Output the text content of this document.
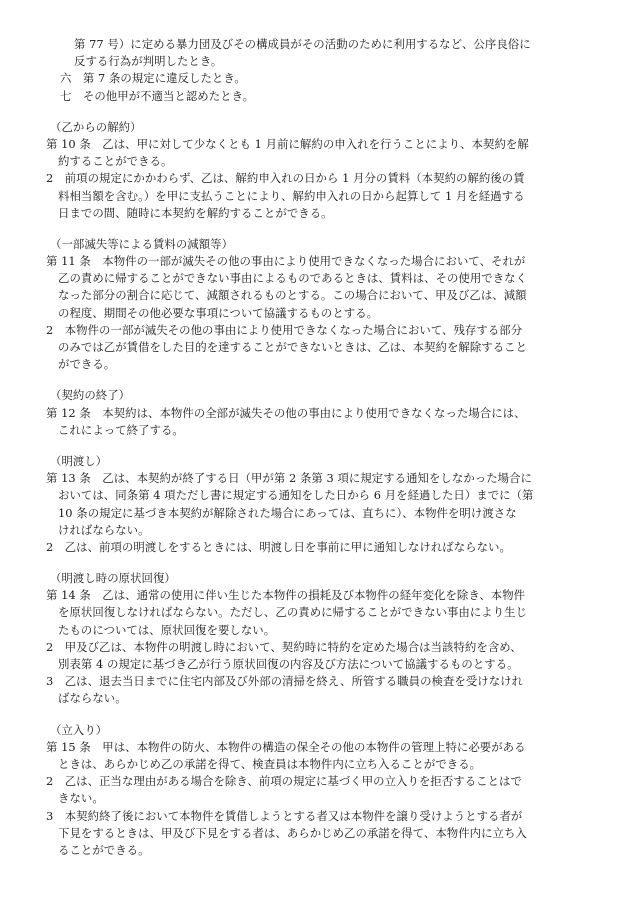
第 77 号）に定める暴力団及びその構成員がその活動のために利用するなど、公序良俗に
反する行為が判明したとき。
六　第 7 条の規定に違反したとき。
七　その他甲が不適当と認めたとき。
（乙からの解約）
第 10 条　乙は、甲に対して少なくとも 1 月前に解約の申入れを行うことにより、本契約を解
約することができる。
2　前項の規定にかかわらず、乙は、解約申入れの日から 1 月分の賃料（本契約の解約後の賃
料相当額を含む。）を甲に支払うことにより、解約申入れの日から起算して 1 月を経過する
日までの間、随時に本契約を解約することができる。
（一部滅失等による賃料の減額等）
第 11 条　本物件の一部が滅失その他の事由により使用できなくなった場合において、それが
乙の責めに帰することができない事由によるものであるときは、賃料は、その使用できなく
なった部分の割合に応じて、減額されるものとする。この場合において、甲及び乙は、減額
の程度、期間その他必要な事項について協議するものとする。
2　本物件の一部が滅失その他の事由により使用できなくなった場合において、残存する部分
のみでは乙が賃借をした目的を達することができないときは、乙は、本契約を解除すること
ができる。
（契約の終了）
第 12 条　本契約は、本物件の全部が滅失その他の事由により使用できなくなった場合には、
これによって終了する。
（明渡し）
第 13 条　乙は、本契約が終了する日（甲が第 2 条第 3 項に規定する通知をしなかった場合に
おいては、同条第 4 項ただし書に規定する通知をした日から 6 月を経過した日）までに（第
10 条の規定に基づき本契約が解除された場合にあっては、直ちに）、本物件を明け渡さな
ければならない。
2　乙は、前項の明渡しをするときには、明渡し日を事前に甲に通知しなければならない。
（明渡し時の原状回復）
第 14 条　乙は、通常の使用に伴い生じた本物件の損耗及び本物件の経年変化を除き、本物件
を原状回復しなければならない。ただし、乙の責めに帰することができない事由により生じ
たものについては、原状回復を要しない。
2　甲及び乙は、本物件の明渡し時において、契約時に特約を定めた場合は当該特約を含め、
別表第 4 の規定に基づき乙が行う原状回復の内容及び方法について協議するものとする。
3　乙は、退去当日までに住宅内部及び外部の清掃を終え、所管する職員の検査を受けなけれ
ばならない。
（立入り）
第 15 条　甲は、本物件の防火、本物件の構造の保全その他の本物件の管理上特に必要がある
ときは、あらかじめ乙の承諾を得て、検査員は本物件内に立ち入ることができる。
2　乙は、正当な理由がある場合を除き、前項の規定に基づく甲の立入りを拒否することはで
きない。
3　本契約終了後において本物件を賃借しようとする者又は本物件を譲り受けようとする者が
下見をするときは、甲及び下見をする者は、あらかじめ乙の承諾を得て、本物件内に立ち入
ることができる。
